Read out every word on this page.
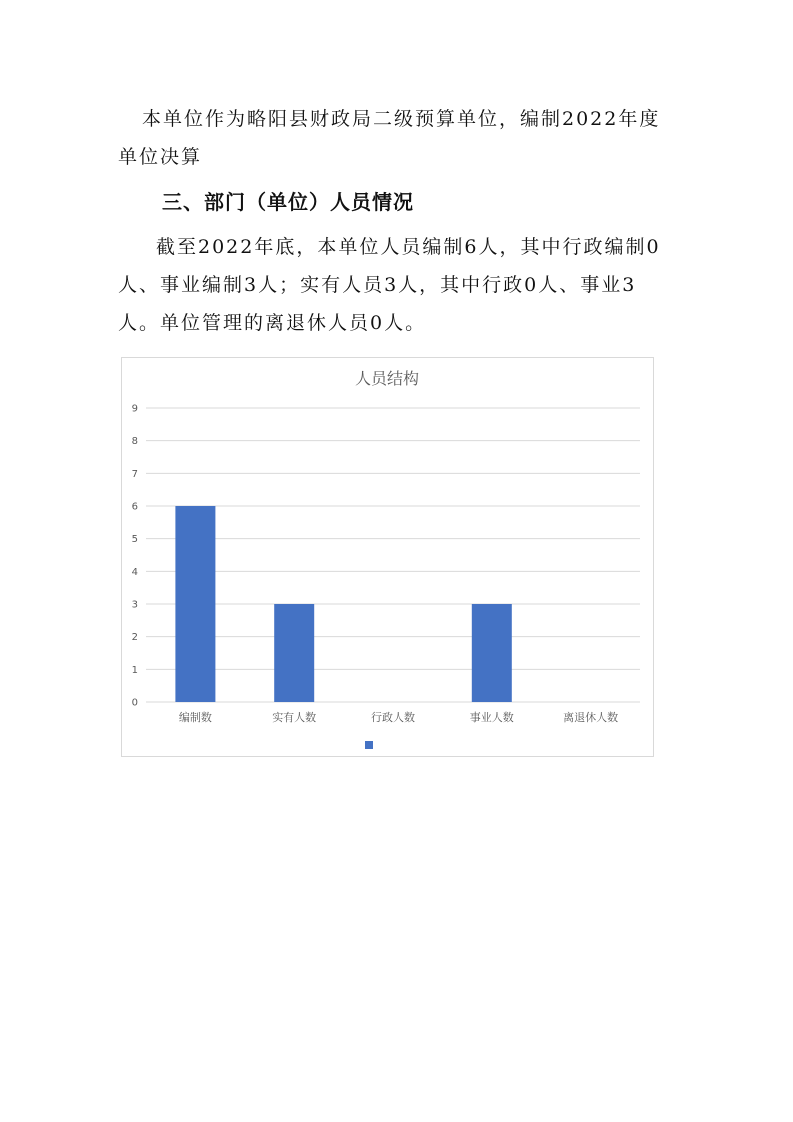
本单位作为略阳县财政局二级预算单位，编制2022年度单位决算
三、部门（单位）人员情况
截至2022年底，本单位人员编制6人，其中行政编制0人、事业编制3人；实有人员3人，其中行政0人、事业3人。单位管理的离退休人员0人。
人员结构
0
1
2
3
4
5
6
7
8
9
编制数	实有人数	行政人数	事业人数	离退休人数
